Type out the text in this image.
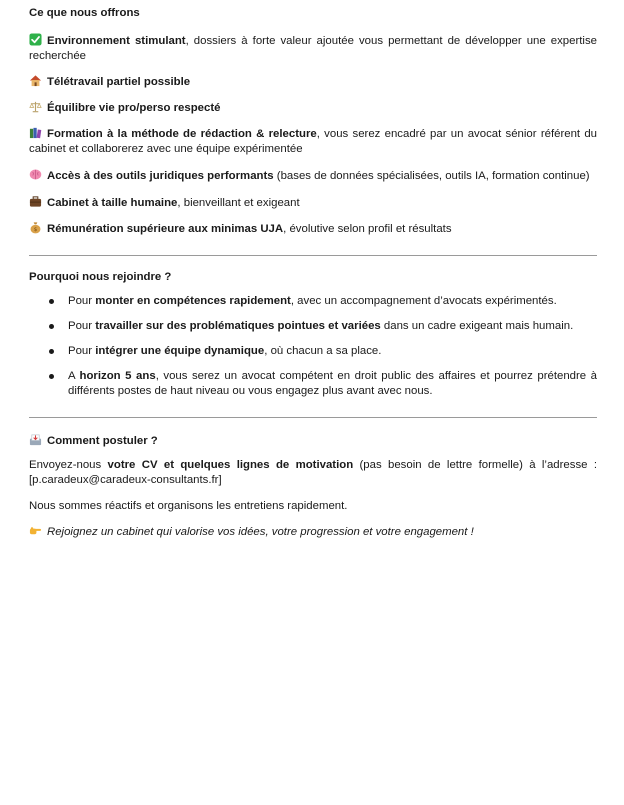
Ce que nous offrons
Environnement stimulant, dossiers à forte valeur ajoutée vous permettant de développer une expertise recherchée
Télétravail partiel possible
Équilibre vie pro/perso respecté
Formation à la méthode de rédaction & relecture, vous serez encadré par un avocat sénior référent du cabinet et collaborerez avec une équipe expérimentée
Accès à des outils juridiques performants (bases de données spécialisées, outils IA, formation continue)
Cabinet à taille humaine, bienveillant et exigeant
$ Rémunération supérieure aux minimas UJA, évolutive selon profil et résultats
Pourquoi nous rejoindre ?
Pour monter en compétences rapidement, avec un accompagnement d’avocats expérimentés.
Pour travailler sur des problématiques pointues et variées dans un cadre exigeant mais humain.
Pour intégrer une équipe dynamique, où chacun a sa place.
A horizon 5 ans, vous serez un avocat compétent en droit public des affaires et pourrez prétendre à différents postes de haut niveau ou vous engagez plus avant avec nous.
Comment postuler ?
Envoyez-nous votre CV et quelques lignes de motivation (pas besoin de lettre formelle) à l’adresse : [p.caradeux@caradeux-consultants.fr]
Nous sommes réactifs et organisons les entretiens rapidement.
Rejoignez un cabinet qui valorise vos idées, votre progression et votre engagement !
